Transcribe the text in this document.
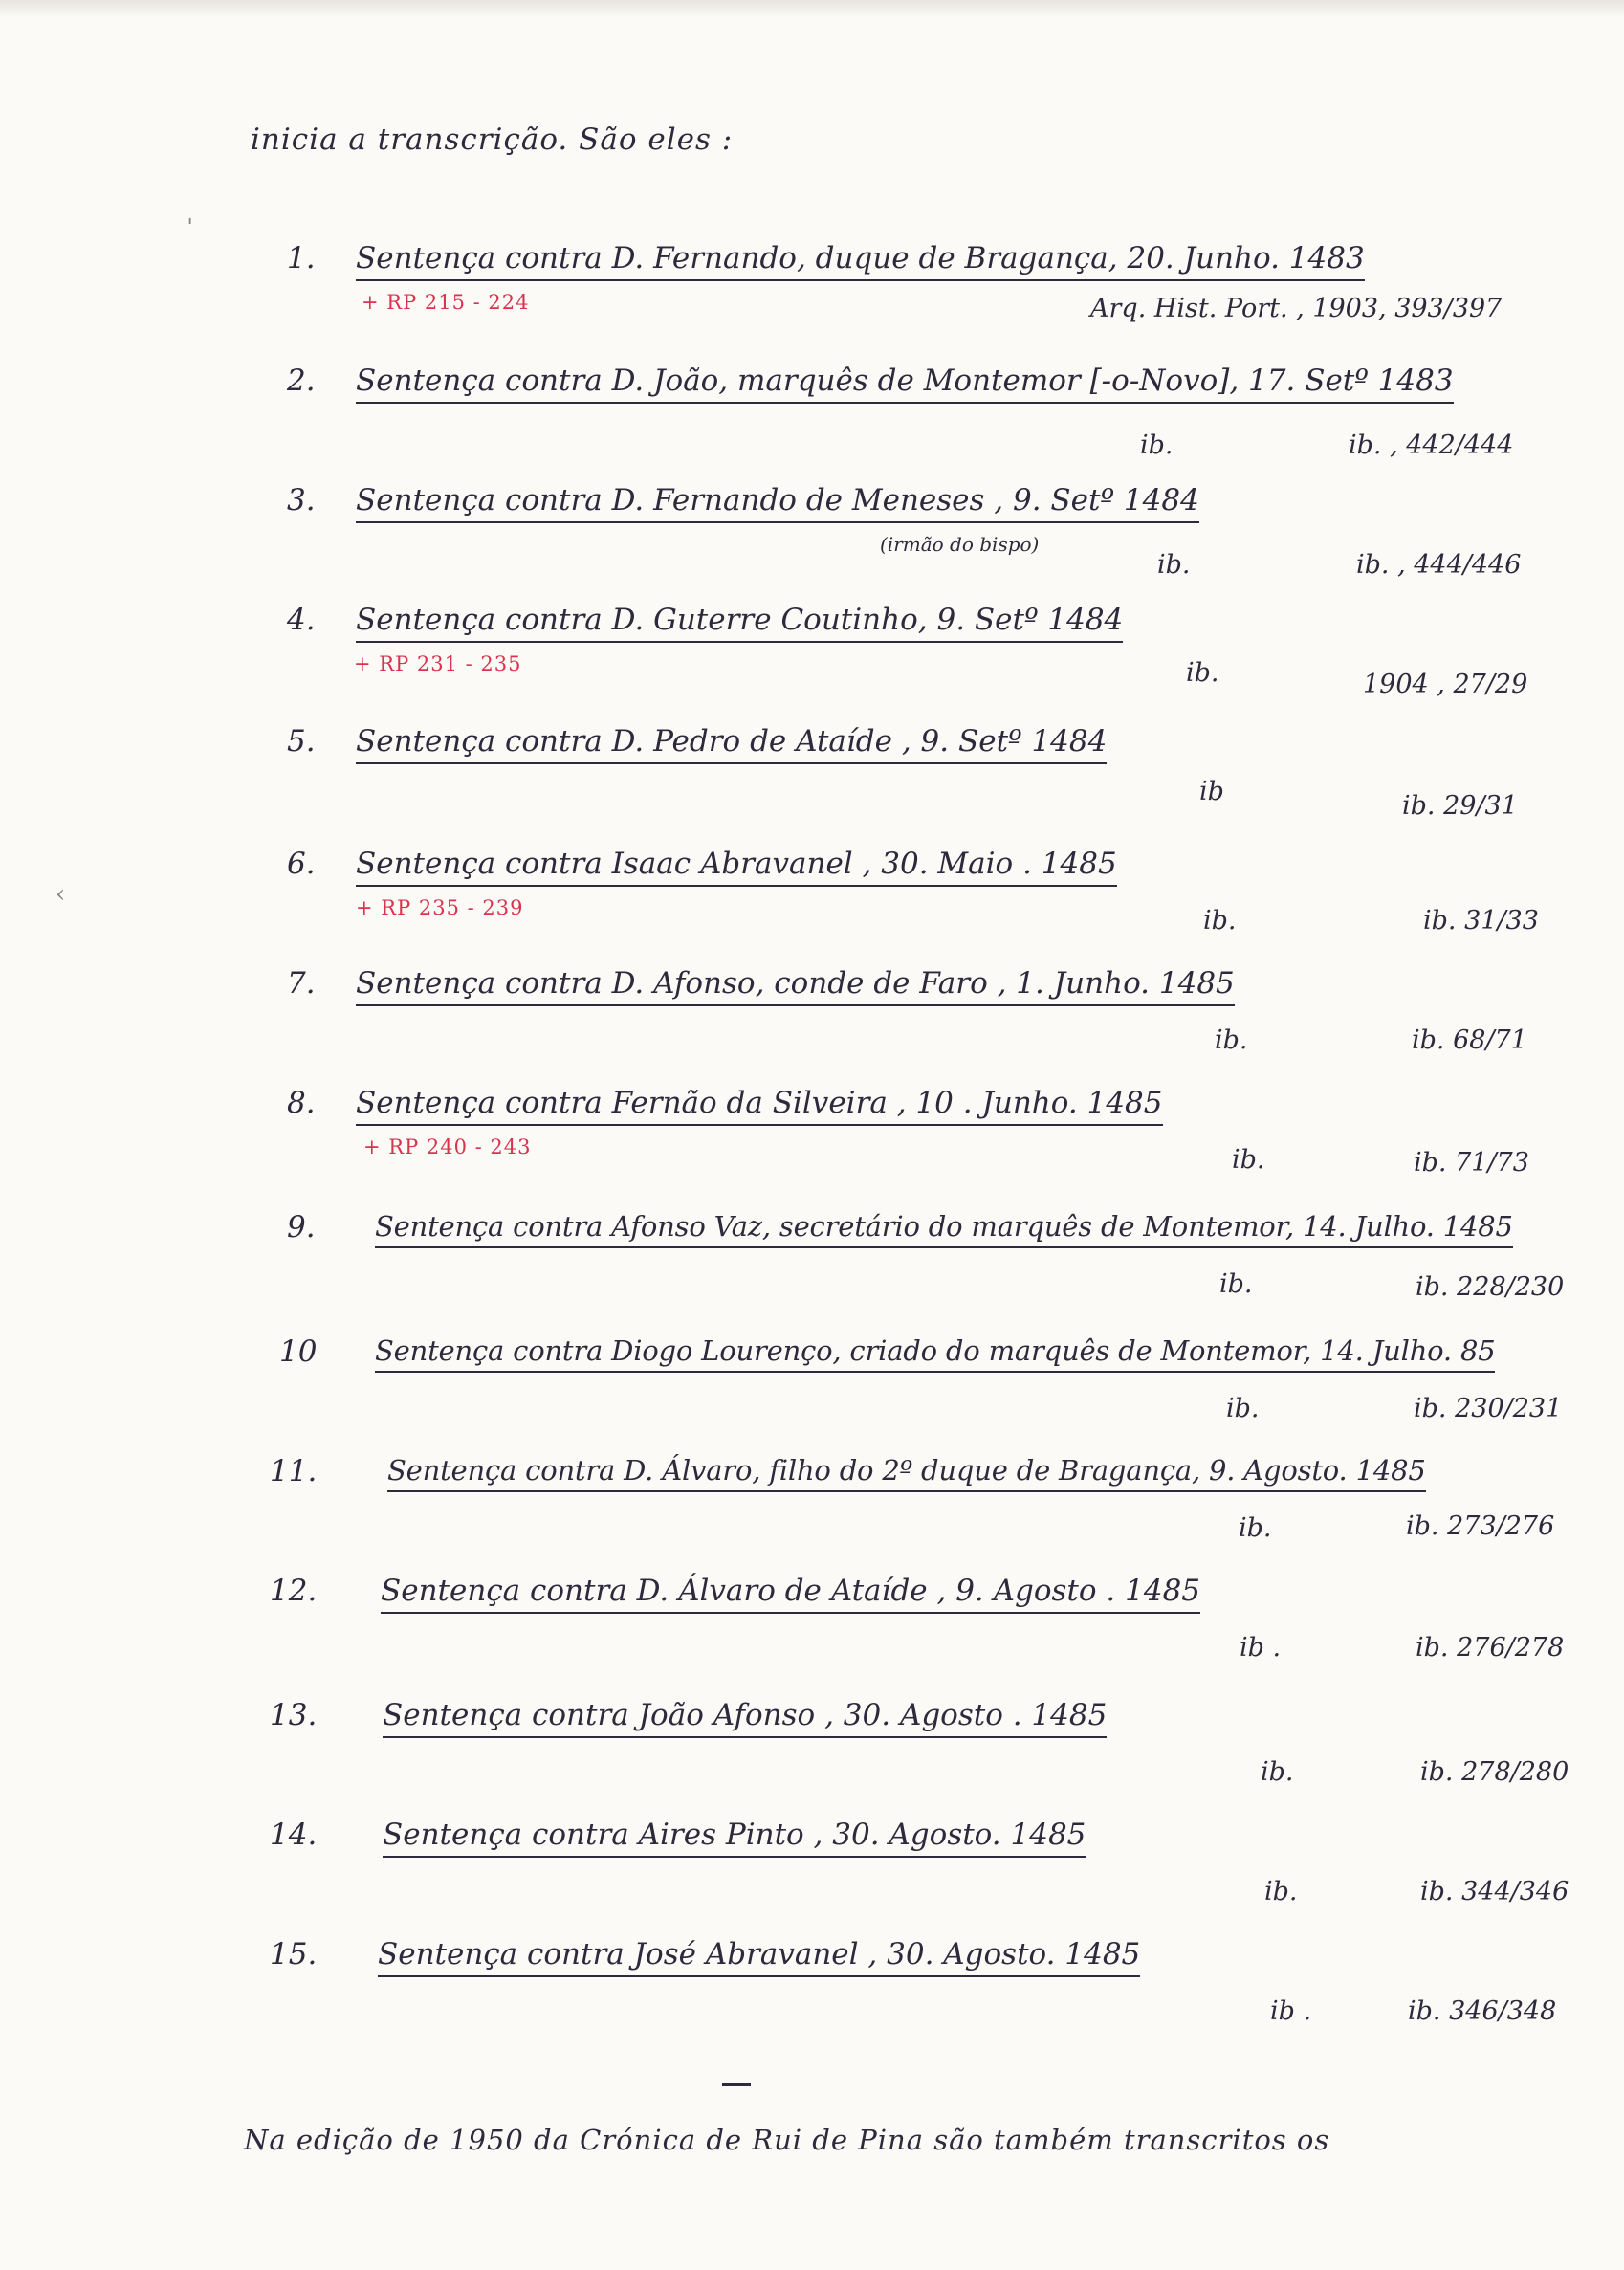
ˈ
‹
inicia a transcrição. São eles :
1. Sentença contra D. Fernando, duque de Bragança, 20. Junho. 1483
+ RP 215 - 224	Arq. Hist. Port. , 1903, 393/397
2. Sentença contra D. João, marquês de Montemor [-o-Novo], 17. Setº 1483
ib.	ib. , 442/444
3. Sentença contra D. Fernando de Meneses , 9. Setº 1484
(irmão do bispo)
ib.	ib. , 444/446
4. Sentença contra D. Guterre Coutinho, 9. Setº 1484
+ RP 231 - 235	ib.	1904 , 27/29
5. Sentença contra D. Pedro de Ataíde , 9. Setº 1484
ib	ib. 29/31
6. Sentença contra Isaac Abravanel , 30. Maio . 1485
+ RP 235 - 239	ib.	ib. 31/33
7. Sentença contra D. Afonso, conde de Faro , 1. Junho. 1485
ib.	ib. 68/71
8. Sentença contra Fernão da Silveira , 10 . Junho. 1485
+ RP 240 - 243	ib.	ib. 71/73
9. Sentença contra Afonso Vaz, secretário do marquês de Montemor, 14. Julho. 1485
ib.	ib. 228/230
10 Sentença contra Diogo Lourenço, criado do marquês de Montemor, 14. Julho. 85
ib.	ib. 230/231
11.	Sentença contra D. Álvaro, filho do 2º duque de Bragança, 9. Agosto. 1485
ib.	ib. 273/276
12. Sentença contra D. Álvaro de Ataíde , 9. Agosto . 1485
ib .	ib. 276/278
13. Sentença contra João Afonso , 30. Agosto . 1485
ib.	ib. 278/280
14. Sentença contra Aires Pinto , 30. Agosto. 1485
ib.	ib. 344/346
15. Sentença contra José Abravanel , 30. Agosto. 1485
ib .	ib. 346/348
Na edição de 1950 da Crónica de Rui de Pina são também transcritos os
